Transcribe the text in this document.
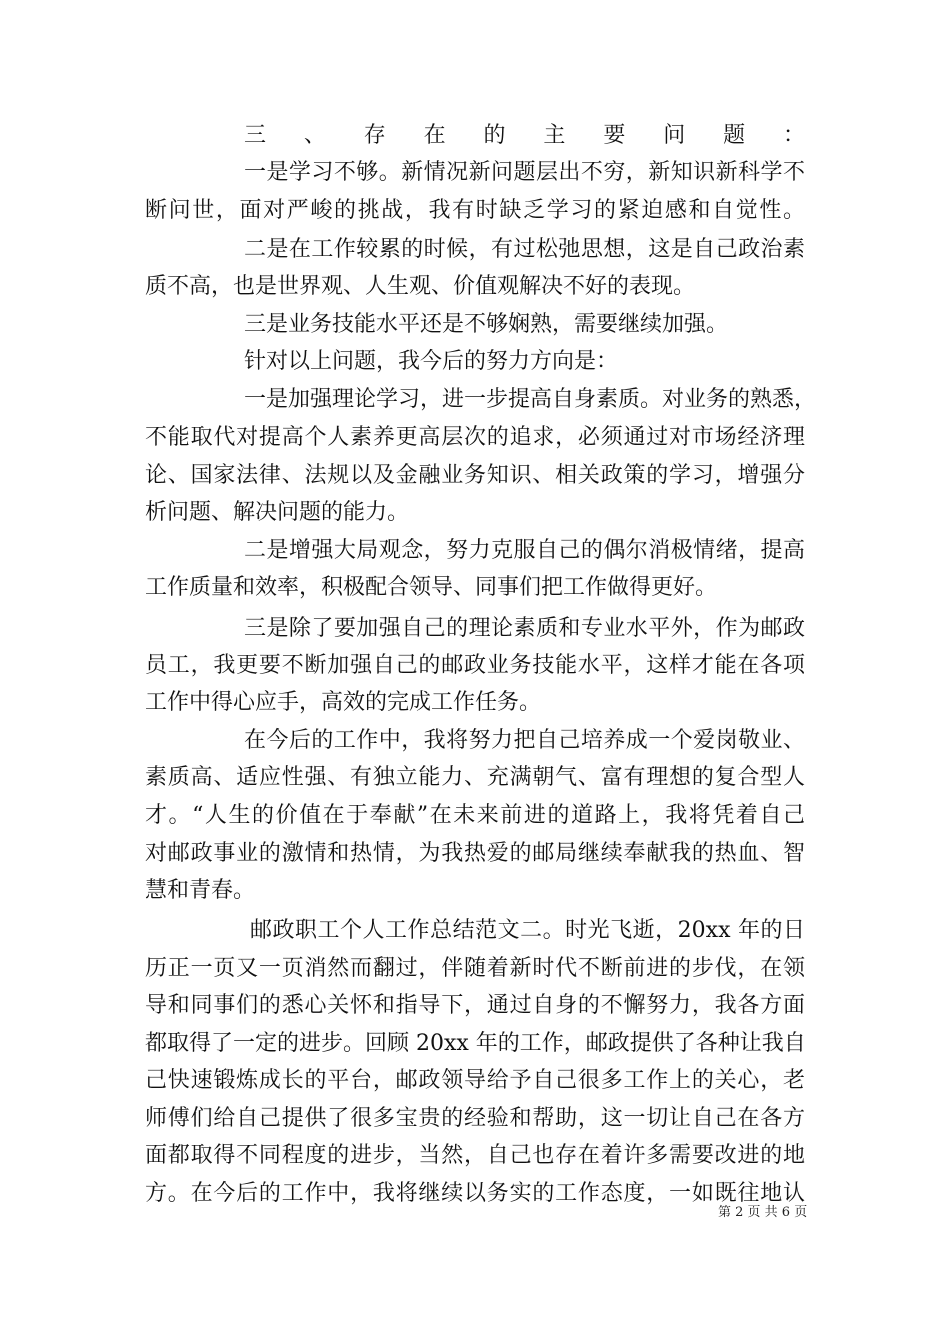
三、存在的主要问题：
一是学习不够。新情况新问题层出不穷，新知识新科学不
断问世，面对严峻的挑战，我有时缺乏学习的紧迫感和自觉性。
二是在工作较累的时候，有过松弛思想，这是自己政治素
质不高，也是世界观、人生观、价值观解决不好的表现。
三是业务技能水平还是不够娴熟，需要继续加强。
针对以上问题，我今后的努力方向是：
一是加强理论学习，进一步提高自身素质。对业务的熟悉，
不能取代对提高个人素养更高层次的追求，必须通过对市场经济理
论、国家法律、法规以及金融业务知识、相关政策的学习，增强分
析问题、解决问题的能力。
二是增强大局观念，努力克服自己的偶尔消极情绪，提高
工作质量和效率，积极配合领导、同事们把工作做得更好。
三是除了要加强自己的理论素质和专业水平外，作为邮政
员工，我更要不断加强自己的邮政业务技能水平，这样才能在各项
工作中得心应手，高效的完成工作任务。
在今后的工作中，我将努力把自己培养成一个爱岗敬业、
素质高、适应性强、有独立能力、充满朝气、富有理想的复合型人
才。“人生的价值在于奉献”在未来前进的道路上，我将凭着自己
对邮政事业的激情和热情，为我热爱的邮局继续奉献我的热血、智
慧和青春。
邮政职工个人工作总结范文二。时光飞逝，20xx 年的日
历正一页又一页消然而翻过，伴随着新时代不断前进的步伐，在领
导和同事们的悉心关怀和指导下，通过自身的不懈努力，我各方面
都取得了一定的进步。回顾 20xx 年的工作，邮政提供了各种让我自
己快速锻炼成长的平台，邮政领导给予自己很多工作上的关心，老
师傅们给自己提供了很多宝贵的经验和帮助，这一切让自己在各方
面都取得不同程度的进步，当然，自己也存在着许多需要改进的地
方。在今后的工作中，我将继续以务实的工作态度，一如既往地认
第 2 页 共 6 页
